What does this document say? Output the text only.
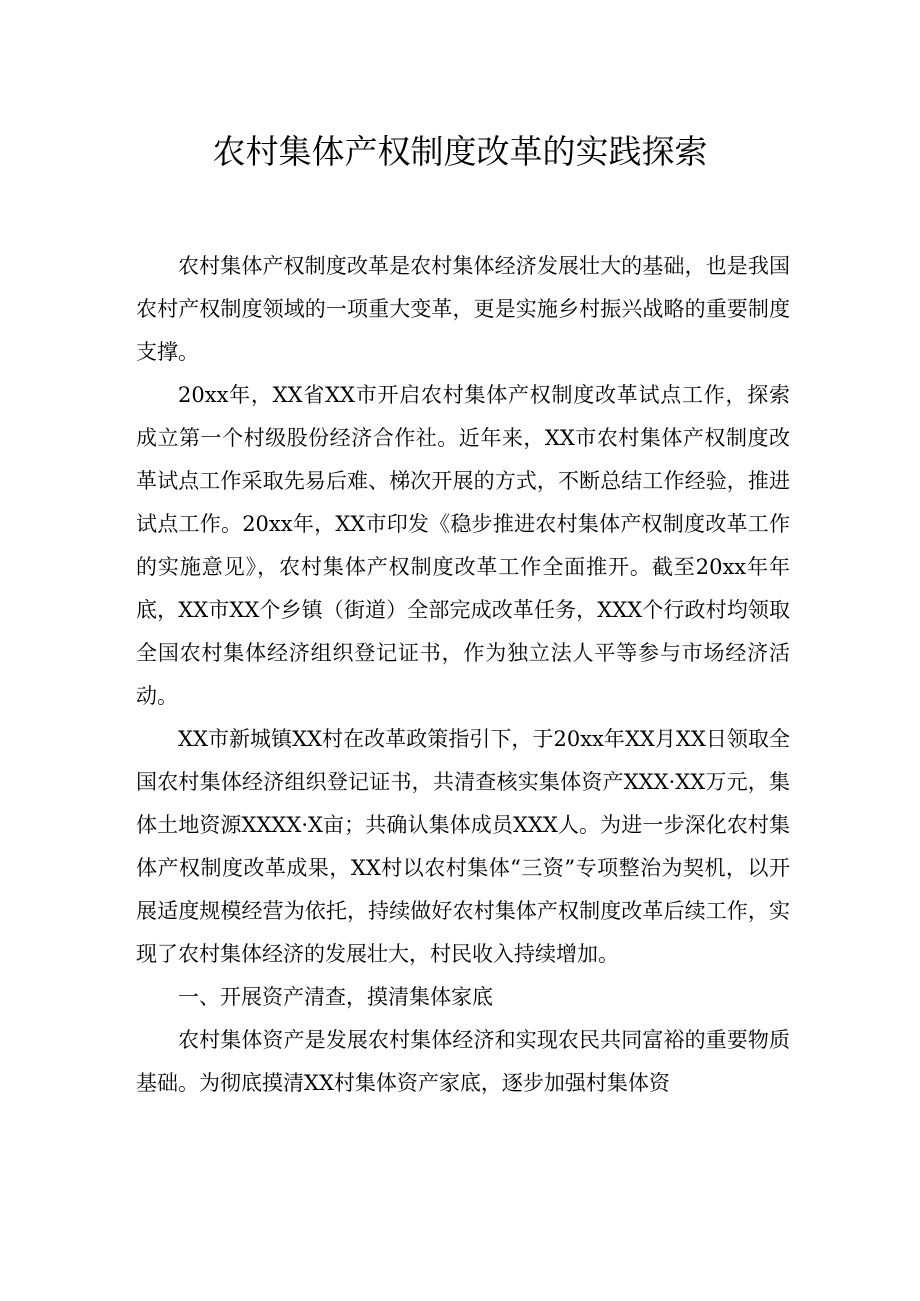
农村集体产权制度改革的实践探索

农村集体产权制度改革是农村集体经济发展壮大的基础，也是我国农村产权制度领域的一项重大变革，更是实施乡村振兴战略的重要制度支撑。

20xx年，XX省XX市开启农村集体产权制度改革试点工作，探索成立第一个村级股份经济合作社。近年来，XX市农村集体产权制度改革试点工作采取先易后难、梯次开展的方式，不断总结工作经验，推进试点工作。20xx年，XX市印发《稳步推进农村集体产权制度改革工作的实施意见》，农村集体产权制度改革工作全面推开。截至20xx年年底，XX市XX个乡镇（街道）全部完成改革任务，XXX个行政村均领取全国农村集体经济组织登记证书，作为独立法人平等参与市场经济活动。

XX市新城镇XX村在改革政策指引下，于20xx年XX月XX日领取全国农村集体经济组织登记证书，共清查核实集体资产XXX·XX万元，集体土地资源XXXX·X亩；共确认集体成员XXX人。为进一步深化农村集体产权制度改革成果，XX村以农村集体“三资”专项整治为契机，以开展适度规模经营为依托，持续做好农村集体产权制度改革后续工作，实现了农村集体经济的发展壮大，村民收入持续增加。

一、开展资产清查，摸清集体家底

农村集体资产是发展农村集体经济和实现农民共同富裕的重要物质基础。为彻底摸清XX村集体资产家底，逐步加强村集体资
